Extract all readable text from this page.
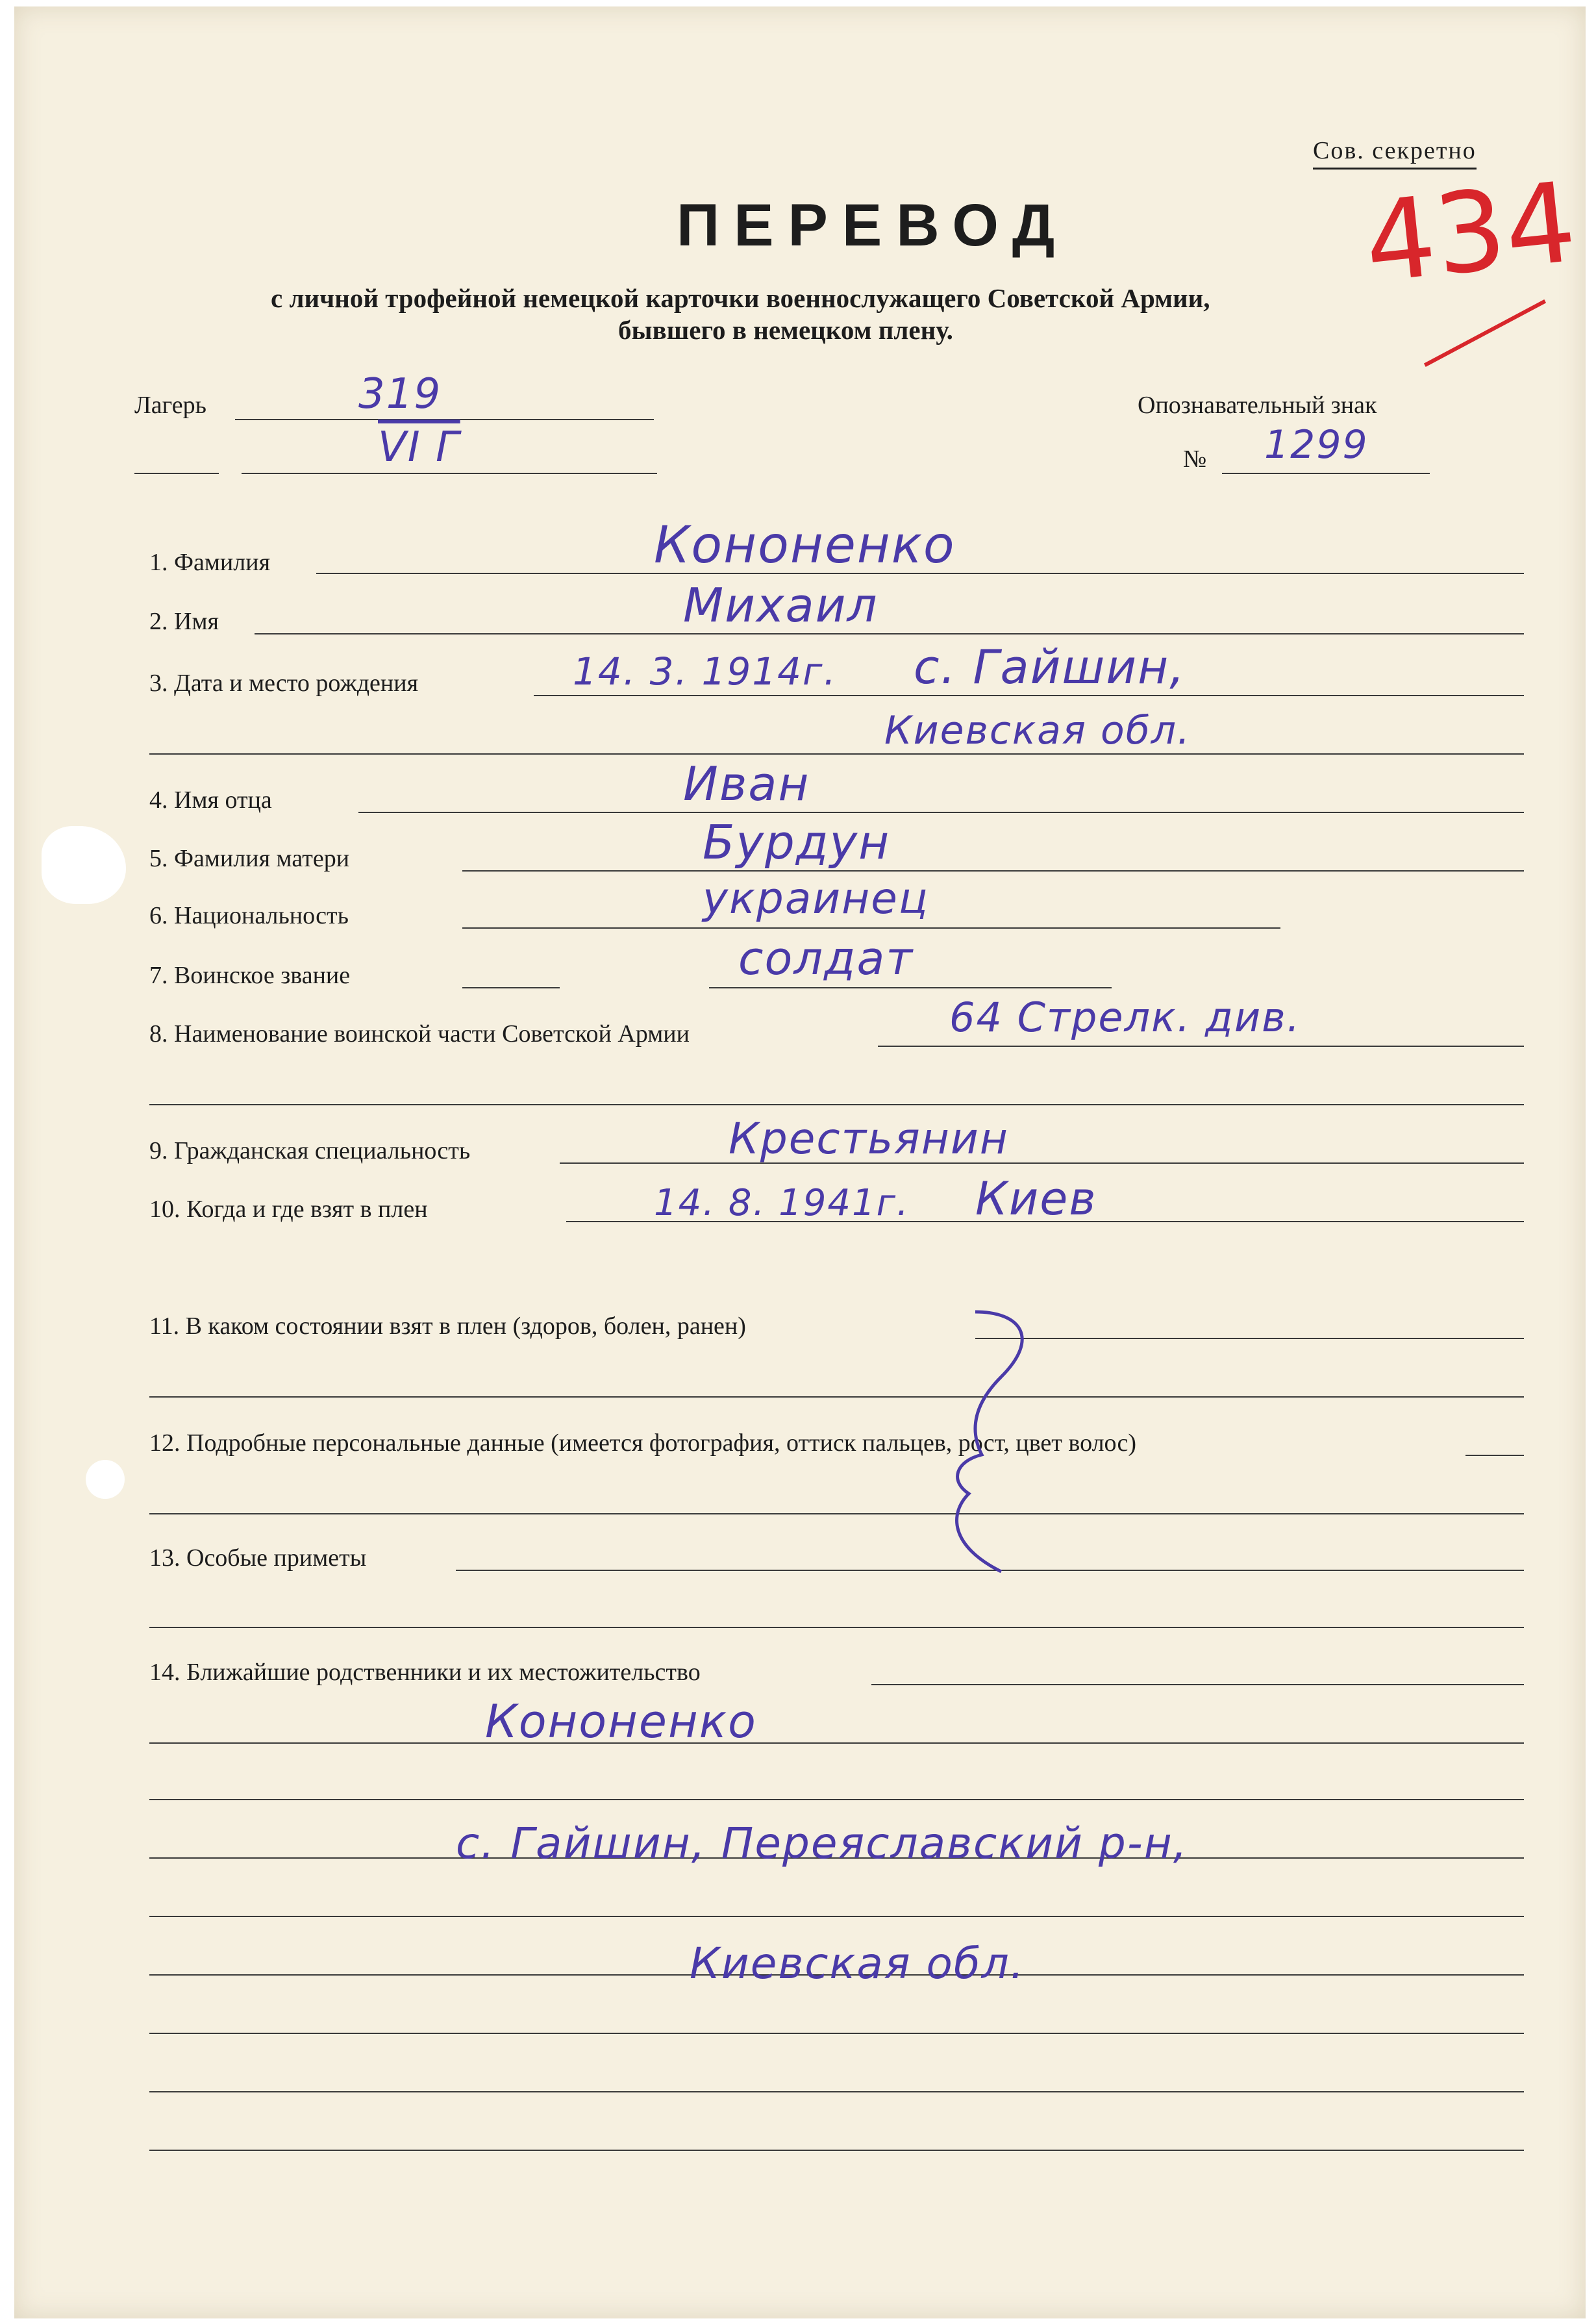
Сов. секретно
434
ПЕРЕВОД
с личной трофейной немецкой карточки военнослужащего Советской Армии,
бывшего в немецком плену.
Лагерь	319
VI Г
Опознавательный знак
№ 1299
1. Фамилия	Кононенко
2. Имя	Михаил
3. Дата и место рождения	14. 3. 1914г. с. Гайшин,
Киевская обл.
4. Имя отца	Иван
5. Фамилия матери	Бурдун
6. Национальность	украинец
7. Воинское звание	солдат
8. Наименование воинской части Советской Армии	64 Стрелк. див.
9. Гражданская специальность	Крестьянин
10. Когда и где взят в плен	14. 8. 1941г. Киев
11. В каком состоянии взят в плен (здоров, болен, ранен)
12. Подробные персональные данные (имеется фотография, оттиск пальцев, рост, цвет волос)
13. Особые приметы
14. Ближайшие родственники и их местожительство
Кононенко
с. Гайшин, Переяславский р-н,
Киевская обл.
